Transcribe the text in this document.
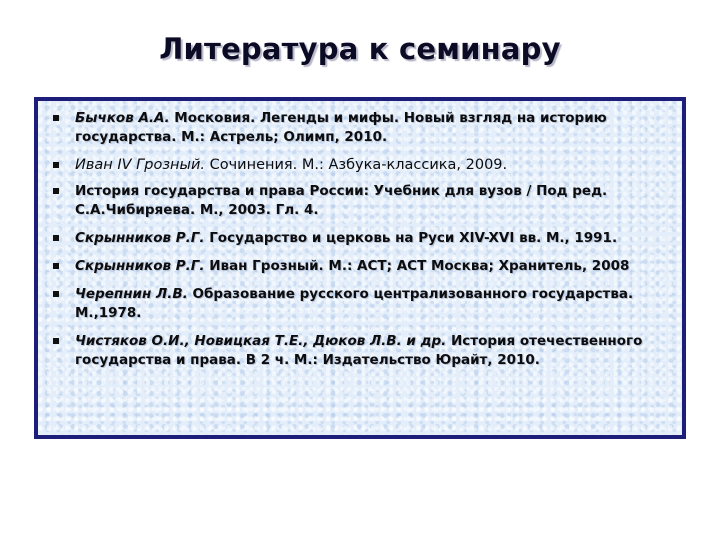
Литература к семинару
Бычков А.А. Московия. Легенды и мифы. Новый взгляд на историю государства. М.: Астрель; Олимп, 2010.
Иван IV Грозный. Сочинения. М.: Азбука-классика, 2009.
История государства и права России: Учебник для вузов / Под ред. С.А.Чибиряева. М., 2003. Гл. 4.
Скрынников Р.Г. Государство и церковь на Руси XIV-XVI вв. М., 1991.
Скрынников Р.Г. Иван Грозный. М.: АСТ; АСТ Москва; Хранитель, 2008
Черепнин Л.В. Образование русского централизованного государства. М.,1978.
Чистяков О.И., Новицкая Т.Е., Дюков Л.В. и др. История отечественного государства и права. В 2 ч. М.: Издательство Юрайт, 2010.
